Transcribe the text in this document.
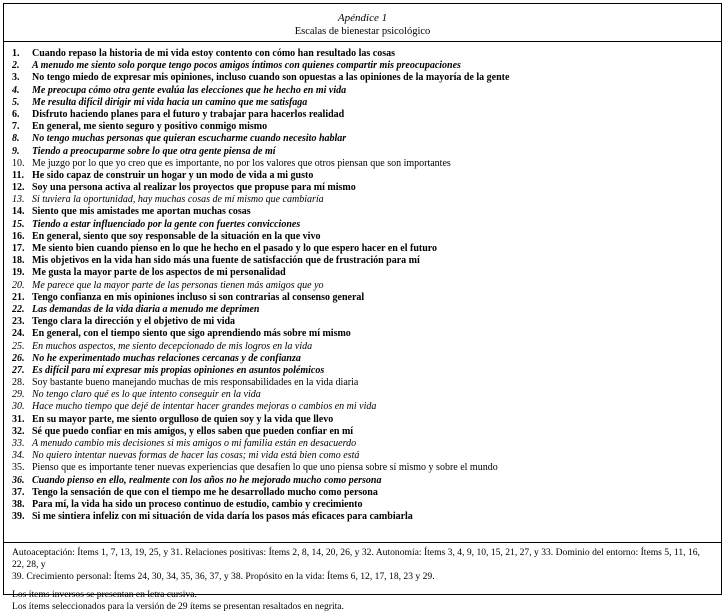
Apéndice 1
Escalas de bienestar psicológico
1. Cuando repaso la historia de mi vida estoy contento con cómo han resultado las cosas
2. A menudo me siento solo porque tengo pocos amigos íntimos con quienes compartir mis preocupaciones
3. No tengo miedo de expresar mis opiniones, incluso cuando son opuestas a las opiniones de la mayoría de la gente
4. Me preocupa cómo otra gente evalúa las elecciones que he hecho en mi vida
5. Me resulta difícil dirigir mi vida hacia un camino que me satisfaga
6. Disfruto haciendo planes para el futuro y trabajar para hacerlos realidad
7. En general, me siento seguro y positivo conmigo mismo
8. No tengo muchas personas que quieran escucharme cuando necesito hablar
9. Tiendo a preocuparme sobre lo que otra gente piensa de mí
10. Me juzgo por lo que yo creo que es importante, no por los valores que otros piensan que son importantes
11. He sido capaz de construir un hogar y un modo de vida a mi gusto
12. Soy una persona activa al realizar los proyectos que propuse para mí mismo
13. Si tuviera la oportunidad, hay muchas cosas de mí mismo que cambiaría
14. Siento que mis amistades me aportan muchas cosas
15. Tiendo a estar influenciado por la gente con fuertes convicciones
16. En general, siento que soy responsable de la situación en la que vivo
17. Me siento bien cuando pienso en lo que he hecho en el pasado y lo que espero hacer en el futuro
18. Mis objetivos en la vida han sido más una fuente de satisfacción que de frustración para mí
19. Me gusta la mayor parte de los aspectos de mi personalidad
20. Me parece que la mayor parte de las personas tienen más amigos que yo
21. Tengo confianza en mis opiniones incluso si son contrarias al consenso general
22. Las demandas de la vida diaria a menudo me deprimen
23. Tengo clara la dirección y el objetivo de mi vida
24. En general, con el tiempo siento que sigo aprendiendo más sobre mí mismo
25. En muchos aspectos, me siento decepcionado de mis logros en la vida
26. No he experimentado muchas relaciones cercanas y de confianza
27. Es difícil para mí expresar mis propias opiniones en asuntos polémicos
28. Soy bastante bueno manejando muchas de mis responsabilidades en la vida diaria
29. No tengo claro qué es lo que intento conseguir en la vida
30. Hace mucho tiempo que dejé de intentar hacer grandes mejoras o cambios en mi vida
31. En su mayor parte, me siento orgulloso de quien soy y la vida que llevo
32. Sé que puedo confiar en mis amigos, y ellos saben que pueden confiar en mí
33. A menudo cambio mis decisiones si mis amigos o mi familia están en desacuerdo
34. No quiero intentar nuevas formas de hacer las cosas; mi vida está bien como está
35. Pienso que es importante tener nuevas experiencias que desafíen lo que uno piensa sobre sí mismo y sobre el mundo
36. Cuando pienso en ello, realmente con los años no he mejorado mucho como persona
37. Tengo la sensación de que con el tiempo me he desarrollado mucho como persona
38. Para mí, la vida ha sido un proceso continuo de estudio, cambio y crecimiento
39. Si me sintiera infeliz con mi situación de vida daría los pasos más eficaces para cambiarla
Autoaceptación: Ítems 1, 7, 13, 19, 25, y 31. Relaciones positivas: Ítems 2, 8, 14, 20, 26, y 32. Autonomía: Ítems 3, 4, 9, 10, 15, 21, 27, y 33. Dominio del entorno: Ítems 5, 11, 16, 22, 28, y
39. Crecimiento personal: Ítems 24, 30, 34, 35, 36, 37, y 38. Propósito en la vida: Ítems 6, 12, 17, 18, 23 y 29.
Los ítems inversos se presentan en letra cursiva.
Los ítems seleccionados para la versión de 29 ítems se presentan resaltados en negrita.
